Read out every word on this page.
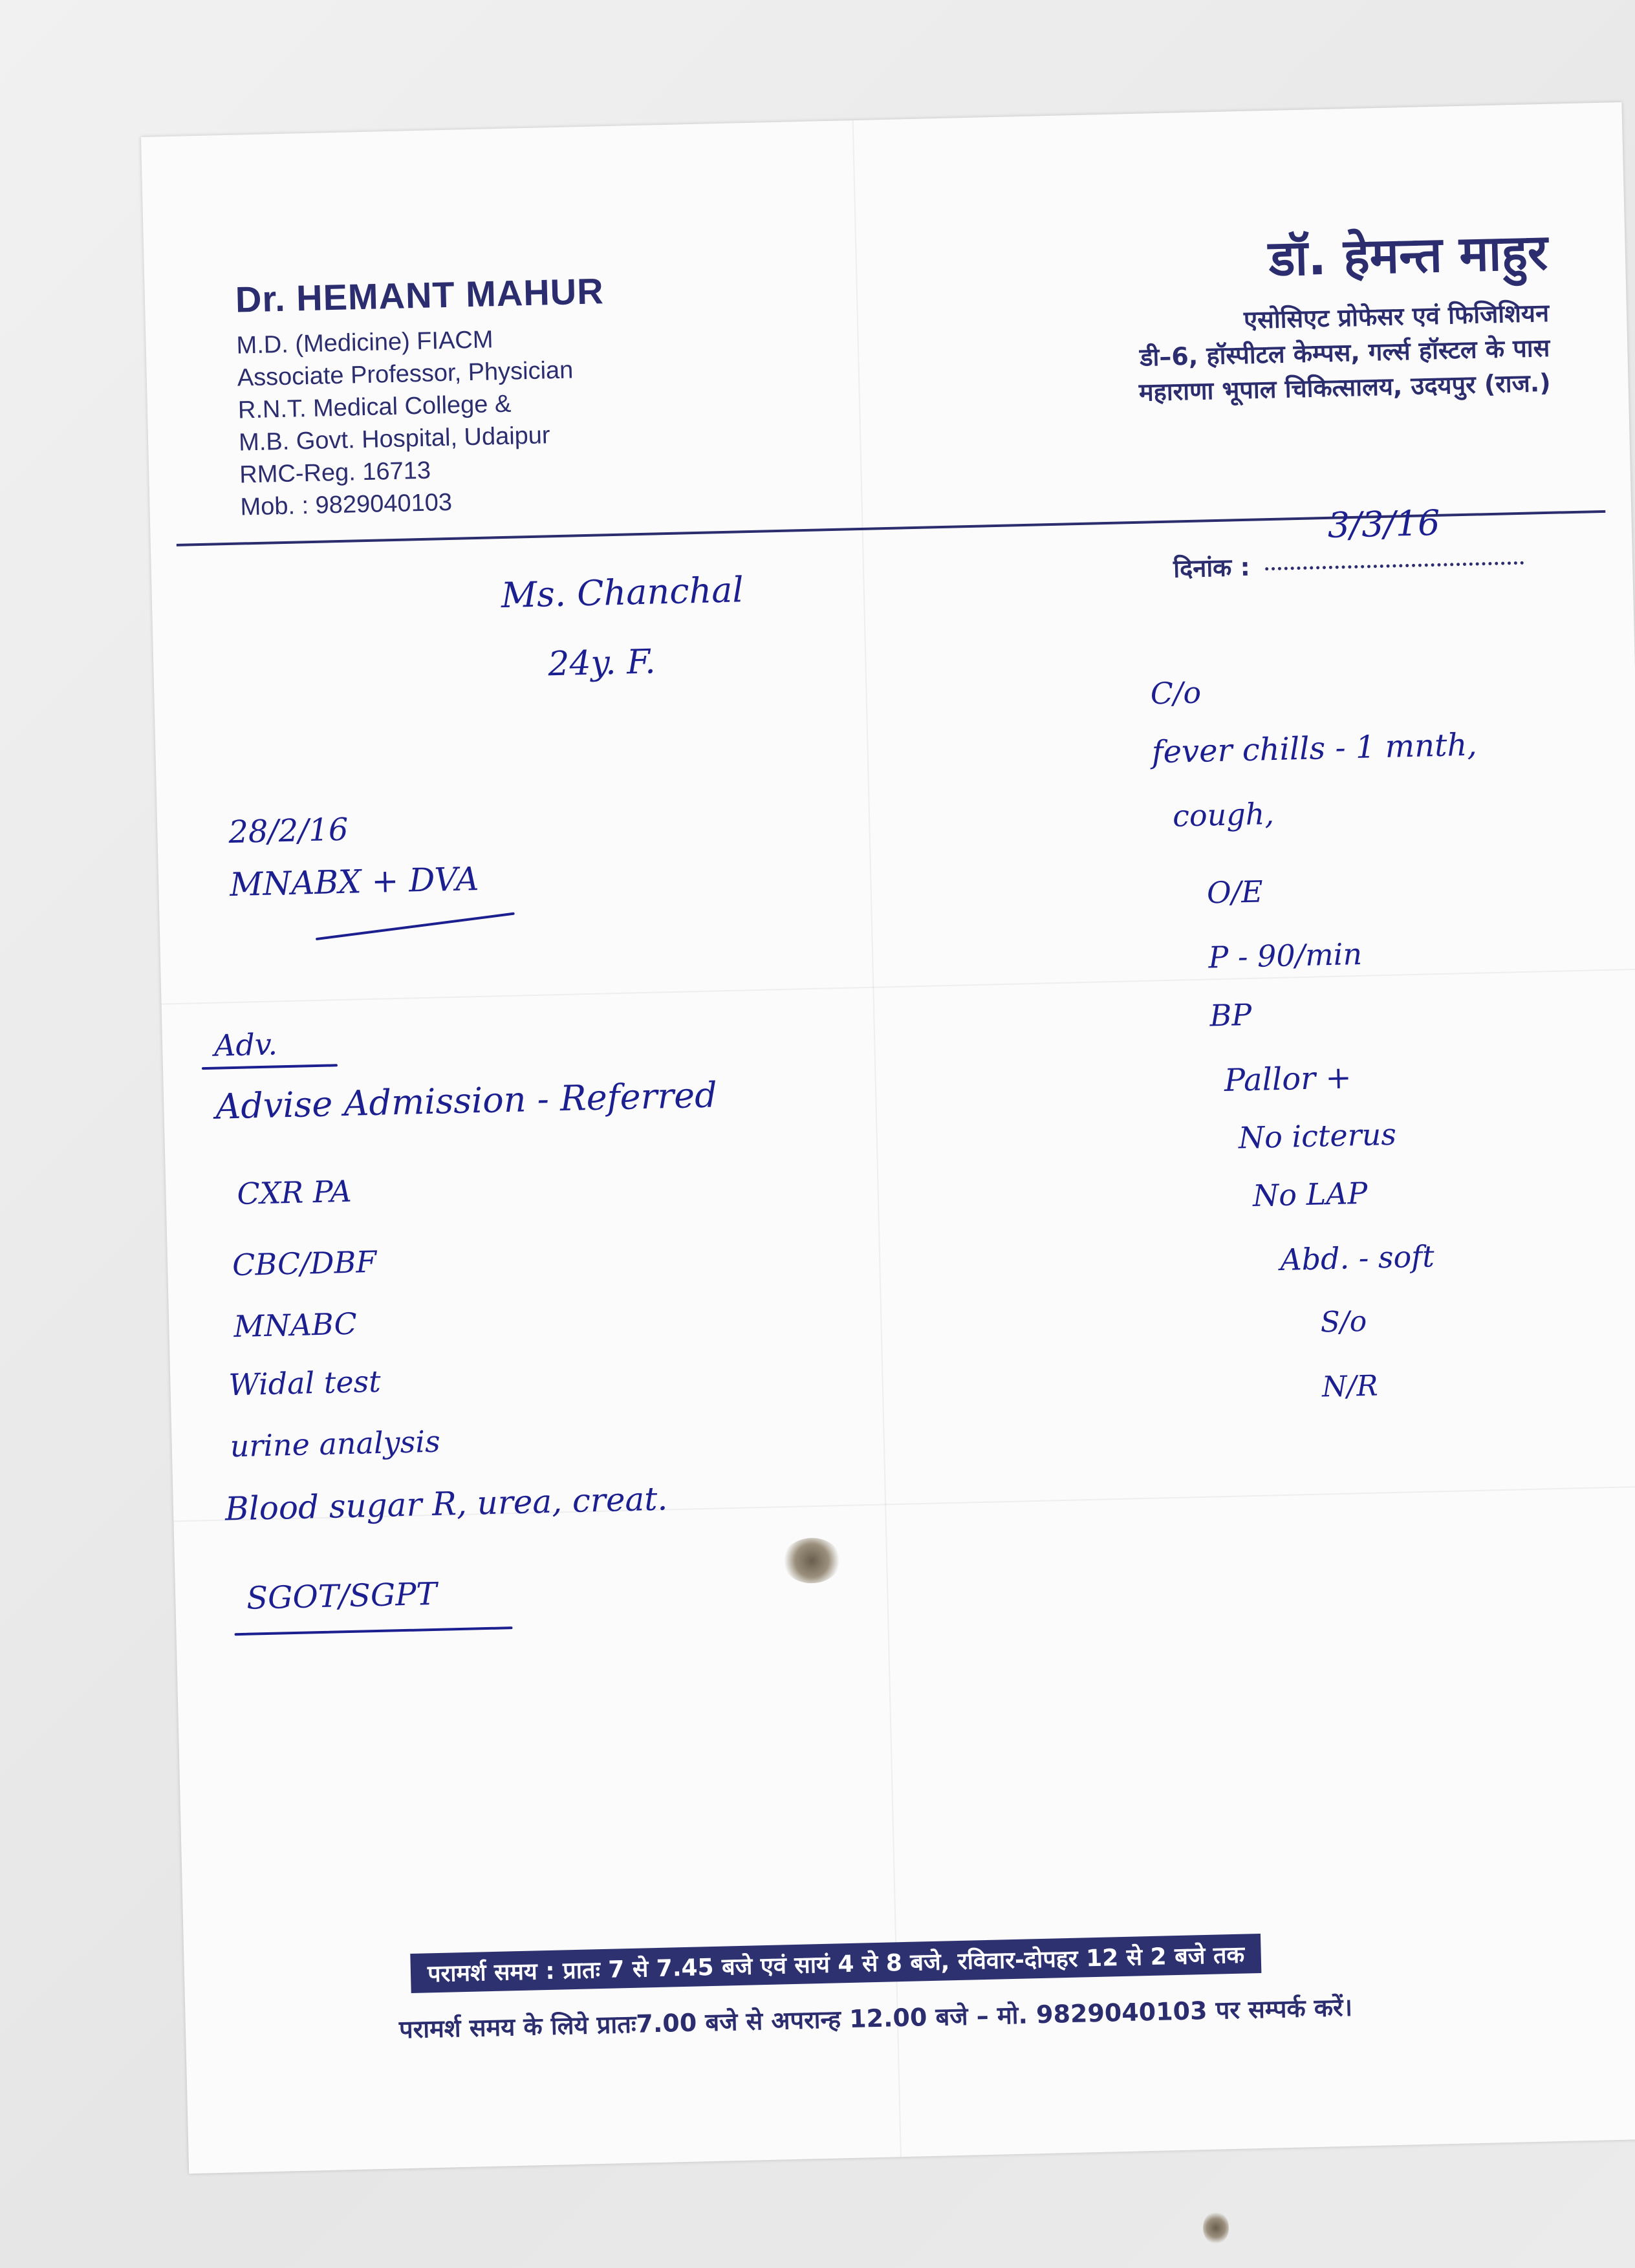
Dr. HEMANT MAHUR
M.D. (Medicine) FIACM
Associate Professor, Physician
R.N.T. Medical College &
M.B. Govt. Hospital, Udaipur
RMC-Reg. 16713
Mob. : 9829040103
डॉ. हेमन्त माहुर
एसोसिएट प्रोफेसर एवं फिजिशियन
डी–6, हॉस्पीटल केम्पस, गर्ल्स हॉस्टल के पास
महाराणा भूपाल चिकित्सालय, उदयपुर (राज.)
दिनांक :
3/3/16
Ms. Chanchal
24y. F.
28/2/16
MNABX + DVA
Adv.
Advise Admission - Referred
CXR PA
CBC/DBF
MNABC
Widal test
urine analysis
Blood sugar R, urea, creat.
SGOT/SGPT
C/o
fever chills - 1 mnth,
cough,
O/E
P - 90/min
BP
Pallor +
No icterus
No LAP
Abd. - soft
S/o
N/R
परामर्श समय : प्रातः 7 से 7.45 बजे एवं सायं 4 से 8 बजे, रविवार-दोपहर 12 से 2 बजे तक
परामर्श समय के लिये प्रातः7.00 बजे से अपरान्ह 12.00 बजे – मो. 9829040103 पर सम्पर्क करें।
